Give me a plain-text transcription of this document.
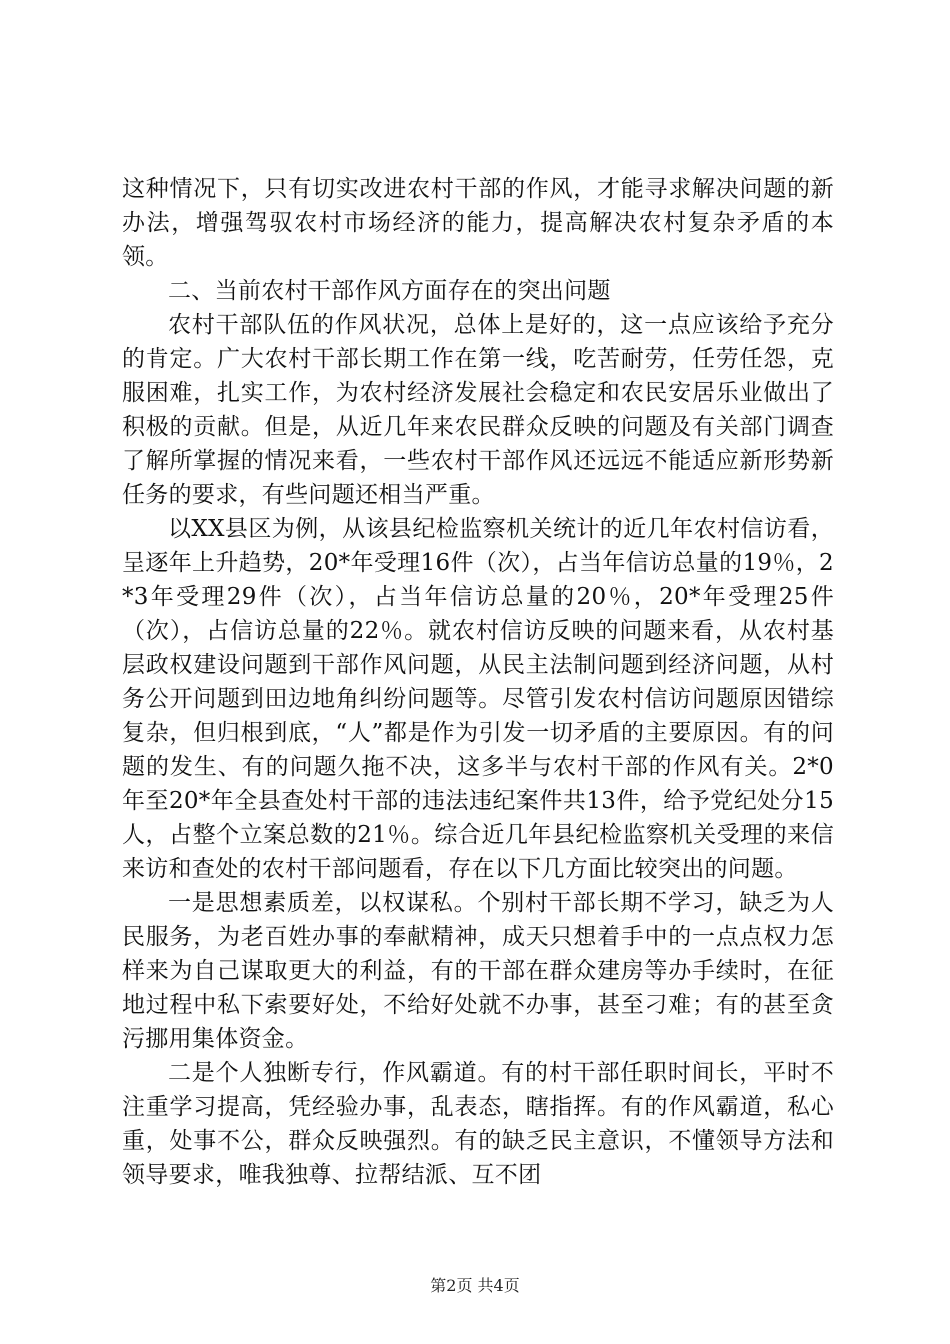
这种情况下，只有切实改进农村干部的作风，才能寻求解决问题的新办法，增强驾驭农村市场经济的能力，提高解决农村复杂矛盾的本领。

二、当前农村干部作风方面存在的突出问题

农村干部队伍的作风状况，总体上是好的，这一点应该给予充分的肯定。广大农村干部长期工作在第一线，吃苦耐劳，任劳任怨，克服困难，扎实工作，为农村经济发展社会稳定和农民安居乐业做出了积极的贡献。但是，从近几年来农民群众反映的问题及有关部门调查了解所掌握的情况来看，一些农村干部作风还远远不能适应新形势新任务的要求，有些问题还相当严重。

以XX县区为例，从该县纪检监察机关统计的近几年农村信访看，呈逐年上升趋势，20*年受理16件（次），占当年信访总量的19％，2*3年受理29件（次），占当年信访总量的20％，20*年受理25件（次），占信访总量的22％。就农村信访反映的问题来看，从农村基层政权建设问题到干部作风问题，从民主法制问题到经济问题，从村务公开问题到田边地角纠纷问题等。尽管引发农村信访问题原因错综复杂，但归根到底，“人”都是作为引发一切矛盾的主要原因。有的问题的发生、有的问题久拖不决，这多半与农村干部的作风有关。2*0年至20*年全县查处村干部的违法违纪案件共13件，给予党纪处分15人，占整个立案总数的21％。综合近几年县纪检监察机关受理的来信来访和查处的农村干部问题看，存在以下几方面比较突出的问题。

一是思想素质差，以权谋私。个别村干部长期不学习，缺乏为人民服务，为老百姓办事的奉献精神，成天只想着手中的一点点权力怎样来为自己谋取更大的利益，有的干部在群众建房等办手续时，在征地过程中私下索要好处，不给好处就不办事，甚至刁难；有的甚至贪污挪用集体资金。

二是个人独断专行，作风霸道。有的村干部任职时间长，平时不注重学习提高，凭经验办事，乱表态，瞎指挥。有的作风霸道，私心重，处事不公，群众反映强烈。有的缺乏民主意识，不懂领导方法和领导要求，唯我独尊、拉帮结派、互不团

第2页 共4页
